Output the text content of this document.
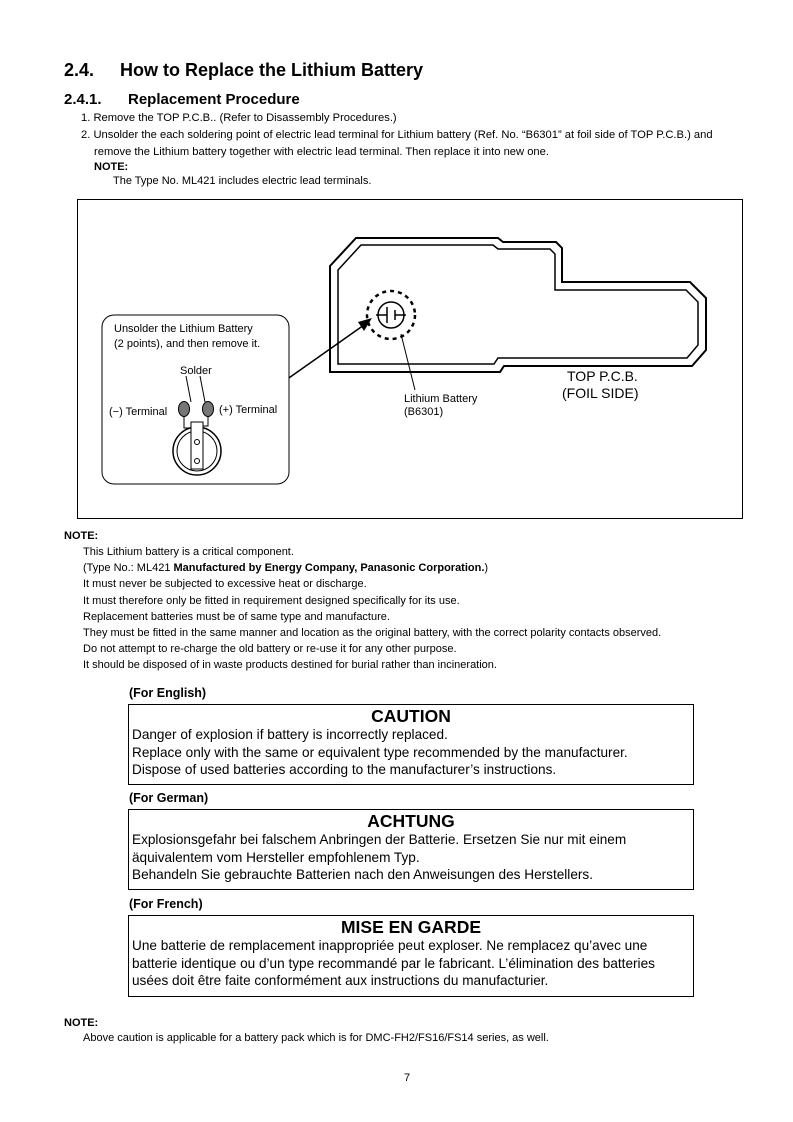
2.4. How to Replace the Lithium Battery
2.4.1. Replacement Procedure
1. Remove the TOP P.C.B.. (Refer to Disassembly Procedures.)
2. Unsolder the each soldering point of electric lead terminal for Lithium battery (Ref. No. “B6301” at foil side of TOP P.C.B.) and
remove the Lithium battery together with electric lead terminal. Then replace it into new one.
NOTE:
The Type No. ML421 includes electric lead terminals.
Unsolder the Lithium Battery
(2 points), and then remove it.
Solder
(−) Terminal	(+) Terminal
Lithium Battery
(B6301)
TOP P.C.B.
(FOIL SIDE)
NOTE:
This Lithium battery is a critical component.
(Type No.: ML421 Manufactured by Energy Company, Panasonic Corporation.)
It must never be subjected to excessive heat or discharge.
It must therefore only be fitted in requirement designed specifically for its use.
Replacement batteries must be of same type and manufacture.
They must be fitted in the same manner and location as the original battery, with the correct polarity contacts observed.
Do not attempt to re-charge the old battery or re-use it for any other purpose.
It should be disposed of in waste products destined for burial rather than incineration.
(For English)
CAUTION
Danger of explosion if battery is incorrectly replaced.
Replace only with the same or equivalent type recommended by the manufacturer.
Dispose of used batteries according to the manufacturer’s instructions.
(For German)
ACHTUNG
Explosionsgefahr bei falschem Anbringen der Batterie. Ersetzen Sie nur mit einem
äquivalentem vom Hersteller empfohlenem Typ.
Behandeln Sie gebrauchte Batterien nach den Anweisungen des Herstellers.
(For French)
MISE EN GARDE
Une batterie de remplacement inappropriée peut exploser. Ne remplacez qu’avec une
batterie identique ou d’un type recommandé par le fabricant. L’élimination des batteries
usées doit être faite conformément aux instructions du manufacturier.
NOTE:
Above caution is applicable for a battery pack which is for DMC-FH2/FS16/FS14 series, as well.
7
